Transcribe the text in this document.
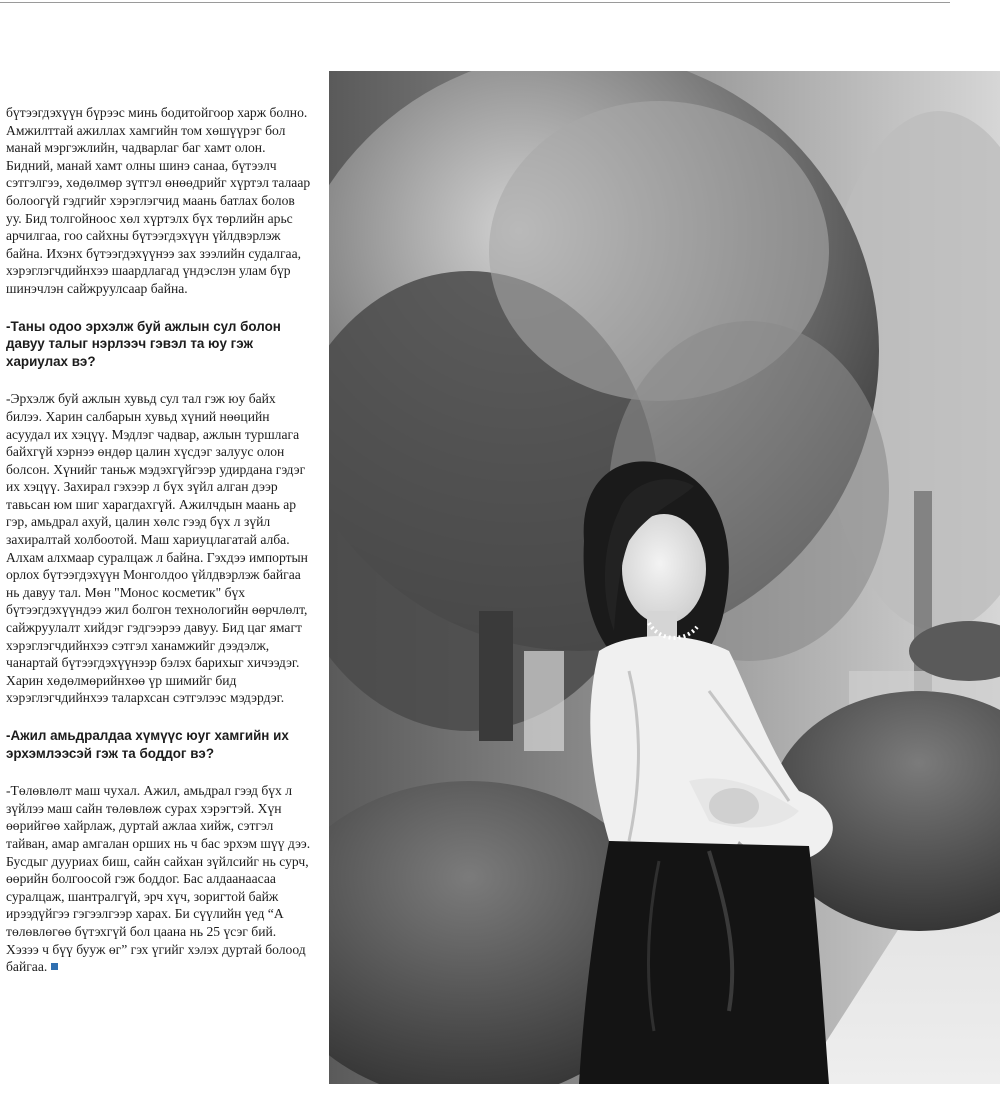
бүтээгдэхүүн бүрээс минь бодитойгоор харж болно. Амжилттай ажиллах хамгийн том хөшүүрэг бол манай мэргэжлийн, чадварлаг баг хамт олон. Бидний, манай хамт олны шинэ санаа, бүтээлч сэтгэлгээ, хөдөлмөр зүтгэл өнөөдрийг хүртэл талаар болоогүй гэдгийг хэрэглэгчид маань батлах болов уу. Бид толгойноос хөл хүртэлх бүх төрлийн арьс арчилгаа, гоо сайхны бүтээгдэхүүн үйлдвэрлэж байна. Ихэнх бүтээгдэхүүнээ зах зээлийн судалгаа, хэрэглэгчдийнхээ шаардлагад үндэслэн улам бүр шинэчлэн сайжруулсаар байна.

-Таны одоо эрхэлж буй ажлын сул болон давуу талыг нэрлээч гэвэл та юу гэж хариулах вэ?

-Эрхэлж буй ажлын хувьд сул тал гэж юу байх билээ. Харин салбарын хувьд хүний нөөцийн асуудал их хэцүү. Мэдлэг чадвар, ажлын туршлага байхгүй хэрнээ өндөр цалин хүсдэг залуус олон болсон. Хүнийг таньж мэдэхгүйгээр удирдана гэдэг их хэцүү. Захирал гэхээр л бүх зүйл алган дээр тавьсан юм шиг харагдахгүй. Ажилчдын маань ар гэр, амьдрал ахуй, цалин хөлс гээд бүх л зүйл захиралтай холбоотой. Маш хариуцлагатай алба. Алхам алхмаар суралцаж л байна. Гэхдээ импортын орлох бүтээгдэхүүн Монголдоо үйлдвэрлэж байгаа нь давуу тал. Мөн "Монос косметик" бүх бүтээгдэхүүндээ жил болгон технологийн өөрчлөлт, сайжруулалт хийдэг гэдгээрээ давуу. Бид цаг ямагт хэрэглэгчдийнхээ сэтгэл ханамжийг дээдэлж, чанартай бүтээгдэхүүнээр бэлэх барихыг хичээдэг. Харин хөдөлмөрийнхөө үр шимийг бид хэрэглэгчдийнхээ талархсан сэтгэлээс мэдэрдэг.

-Ажил амьдралдаа хүмүүс юуг хамгийн их эрхэмлээсэй гэж та боддог вэ?

-Төлөвлөлт маш чухал. Ажил, амьдрал гээд бүх л зүйлээ маш сайн төлөвлөж сурах хэрэгтэй. Хүн өөрийгөө хайрлаж, дуртай ажлаа хийж, сэтгэл тайван, амар амгалан орших нь ч бас эрхэм шүү дээ. Бусдыг дууриах биш, сайн сайхан зүйлсийг нь сурч, өөрийн болгоосой гэж боддог. Бас алдаанаасаа суралцаж, шантралгүй, эрч хүч, зоригтой байж ирээдүйгээ гэгээлгээр харах. Би сүүлийн үед “А төлөвлөгөө бүтэхгүй бол цаана нь 25 үсэг бий. Хэзээ ч бүү бууж өг” гэх үгийг хэлэх дуртай болоод байгаа.
